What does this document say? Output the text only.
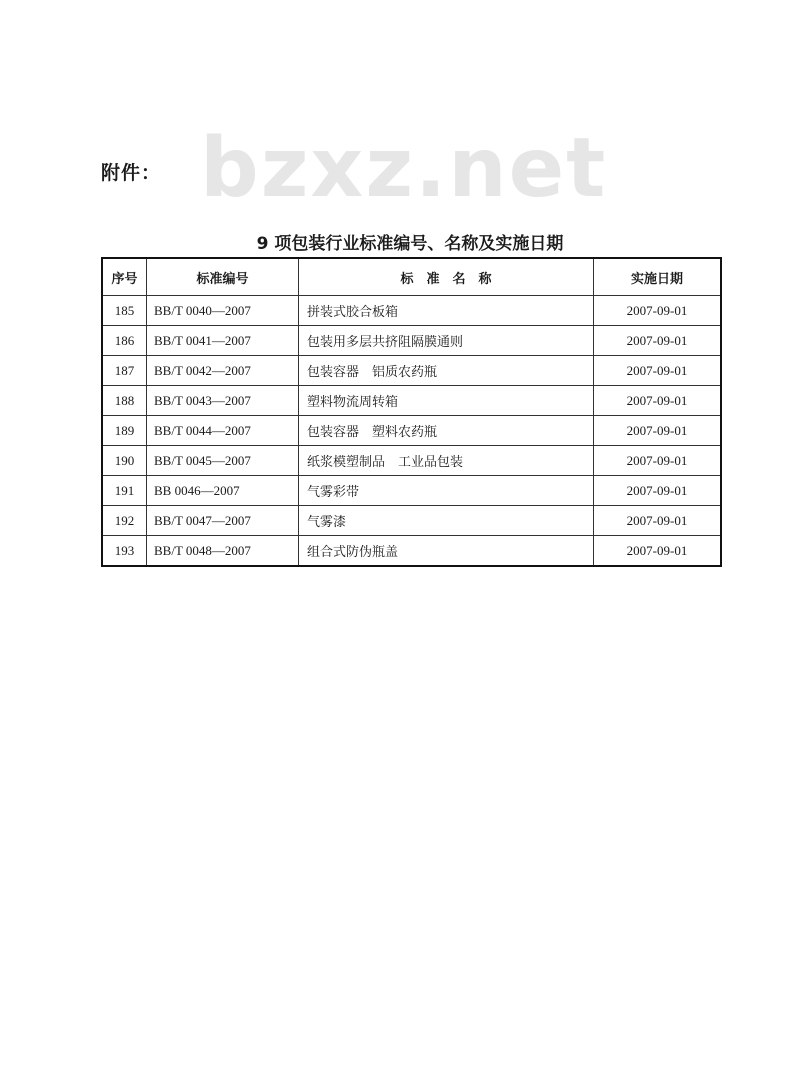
附件： bzxz.net
9 项包装行业标准编号、名称及实施日期
序号	标准编号	标　准　名　称	实施日期
185	BB/T 0040—2007	拼装式胶合板箱	2007-09-01
186	BB/T 0041—2007	包装用多层共挤阻隔膜通则	2007-09-01
187	BB/T 0042—2007	包装容器　铝质农药瓶	2007-09-01
188	BB/T 0043—2007	塑料物流周转箱	2007-09-01
189	BB/T 0044—2007	包装容器　塑料农药瓶	2007-09-01
190	BB/T 0045—2007	纸浆模塑制品　工业品包装	2007-09-01
191	BB 0046—2007	气雾彩带	2007-09-01
192	BB/T 0047—2007	气雾漆	2007-09-01
193	BB/T 0048—2007	组合式防伪瓶盖	2007-09-01
